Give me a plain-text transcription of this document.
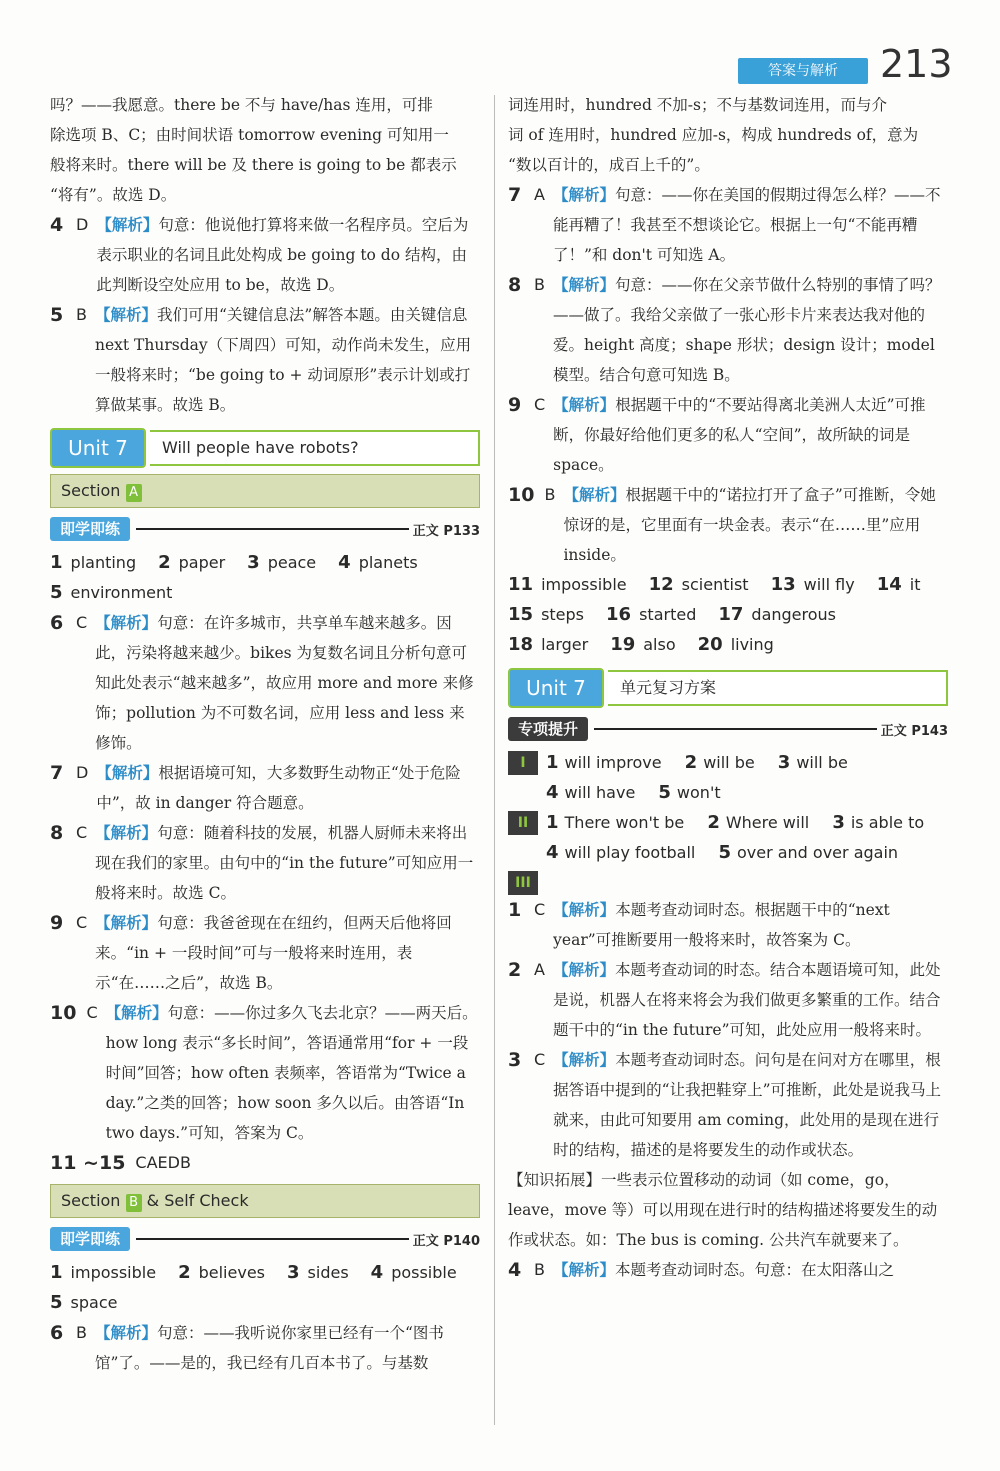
答案与解析	213

吗？——我愿意。there be 不与 have/has 连用，可排

除选项 B、C；由时间状语 tomorrow evening 可知用一

般将来时。there will be 及 there is going to be 都表示

“将有”。故选 D。

4 D 【解析】句意：他说他打算将来做一名程序员。空后为表示职业的名词且此处构成 be going to do 结构，由此判断设空处应用 to be，故选 D。
5 B 【解析】我们可用“关键信息法”解答本题。由关键信息 next Thursday（下周四）可知，动作尚未发生，应用一般将来时；“be going to + 动词原形”表示计划或打算做某事。故选 B。
Unit 7	Will people have robots?
Section A
即学即练	正文 P133
1 planting 2 paper 3 peace 4 planets
5 environment
6 C 【解析】句意：在许多城市，共享单车越来越多。因此，污染将越来越少。bikes 为复数名词且分析句意可知此处表示“越来越多”，故应用 more and more 来修饰；pollution 为不可数名词，应用 less and less 来修饰。
7 D 【解析】根据语境可知，大多数野生动物正“处于危险中”，故 in danger 符合题意。
8 C 【解析】句意：随着科技的发展，机器人厨师未来将出现在我们的家里。由句中的“in the future”可知应用一般将来时。故选 C。
9 C 【解析】句意：我爸爸现在在纽约，但两天后他将回来。“in + 一段时间”可与一般将来时连用，表示“在……之后”，故选 B。
10 C 【解析】句意：——你过多久飞去北京？——两天后。how long 表示“多长时间”，答语通常用“for + 一段时间”回答；how often 表频率，答语常为“Twice a day.”之类的回答；how soon 多久以后。由答语“In two days.”可知，答案为 C。
11 ~15 CAEDB
Section B & Self Check
即学即练	正文 P140
1 impossible 2 believes 3 sides 4 possible
5 space
6 B 【解析】句意：——我听说你家里已经有一个“图书馆”了。——是的，我已经有几百本书了。与基数

词连用时，hundred 不加-s；不与基数词连用，而与介

词 of 连用时，hundred 应加-s，构成 hundreds of，意为

“数以百计的，成百上千的”。

7 A 【解析】句意：——你在美国的假期过得怎么样？——不能再糟了！我甚至不想谈论它。根据上一句“不能再糟了！”和 don't 可知选 A。
8 B 【解析】句意：——你在父亲节做什么特别的事情了吗？——做了。我给父亲做了一张心形卡片来表达我对他的爱。height 高度；shape 形状；design 设计；model 模型。结合句意可知选 B。
9 C 【解析】根据题干中的“不要站得离北美洲人太近”可推断，你最好给他们更多的私人“空间”，故所缺的词是 space。
10 B 【解析】根据题干中的“诺拉打开了盒子”可推断，令她惊讶的是，它里面有一块金表。表示“在……里”应用 inside。
11 impossible 12 scientist 13 will fly 14 it
15 steps 16 started 17 dangerous
18 larger 19 also 20 living
Unit 7	单元复习方案
专项提升	正文 P143
I	1 will improve 2 will be 3 will be
4 will have 5 won't
II 1 There won't be 2 Where will 3 is able to
4 will play football 5 over and over again
III
1 C 【解析】本题考查动词时态。根据题干中的“next year”可推断要用一般将来时，故答案为 C。
2 A 【解析】本题考查动词的时态。结合本题语境可知，此处是说，机器人在将来将会为我们做更多繁重的工作。结合题干中的“in the future”可知，此处应用一般将来时。
3 C 【解析】本题考查动词时态。问句是在问对方在哪里，根据答语中提到的“让我把鞋穿上”可推断，此处是说我马上就来，由此可知要用 am coming，此处用的是现在进行时的结构，描述的是将要发生的动作或状态。

【知识拓展】一些表示位置移动的动词（如 come，go，leave，move 等）可以用现在进行时的结构描述将要发生的动作或状态。如：The bus is coming. 公共汽车就要来了。

4 B 【解析】本题考查动词时态。句意：在太阳落山之
